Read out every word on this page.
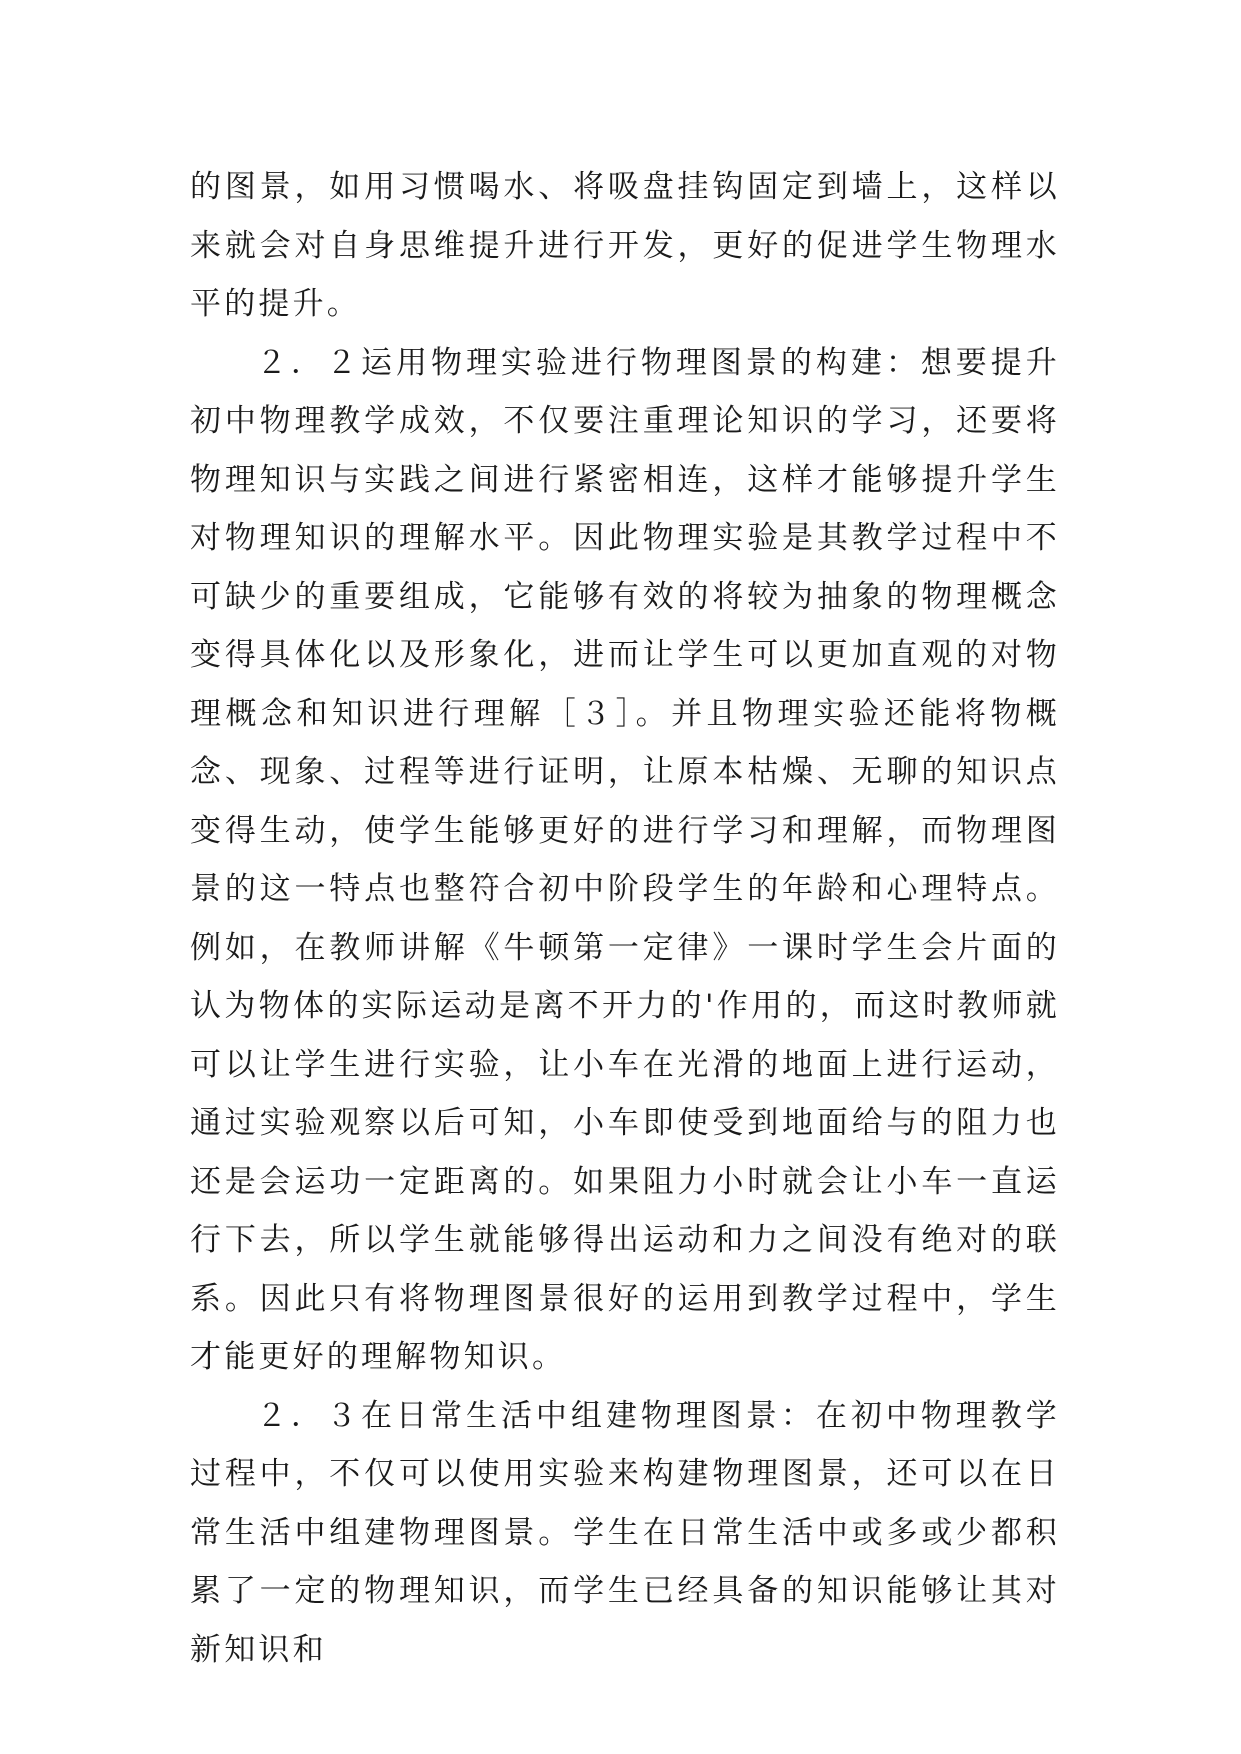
的图景，如用习惯喝水、将吸盘挂钩固定到墙上，这样以来就会对自身思维提升进行开发，更好的促进学生物理水平的提升。

２．２运用物理实验进行物理图景的构建：想要提升初中物理教学成效，不仅要注重理论知识的学习，还要将物理知识与实践之间进行紧密相连，这样才能够提升学生对物理知识的理解水平。因此物理实验是其教学过程中不可缺少的重要组成，它能够有效的将较为抽象的物理概念变得具体化以及形象化，进而让学生可以更加直观的对物理概念和知识进行理解［３］。并且物理实验还能将物概念、现象、过程等进行证明，让原本枯燥、无聊的知识点变得生动，使学生能够更好的进行学习和理解，而物理图景的这一特点也整符合初中阶段学生的年龄和心理特点。例如，在教师讲解《牛顿第一定律》一课时学生会片面的认为物体的实际运动是离不开力的'作用的，而这时教师就可以让学生进行实验，让小车在光滑的地面上进行运动，通过实验观察以后可知，小车即使受到地面给与的阻力也还是会运功一定距离的。如果阻力小时就会让小车一直运行下去，所以学生就能够得出运动和力之间没有绝对的联系。因此只有将物理图景很好的运用到教学过程中，学生才能更好的理解物知识。

２．３在日常生活中组建物理图景：在初中物理教学过程中，不仅可以使用实验来构建物理图景，还可以在日常生活中组建物理图景。学生在日常生活中或多或少都积累了一定的物理知识，而学生已经具备的知识能够让其对新知识和
